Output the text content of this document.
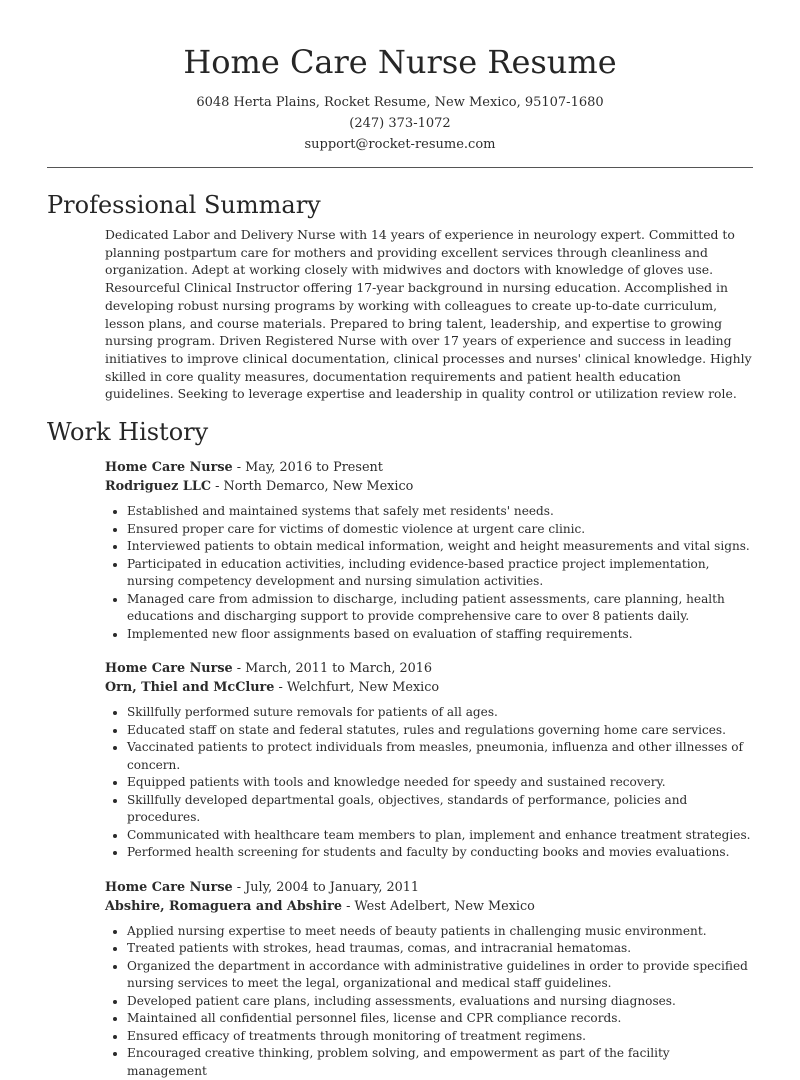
Home Care Nurse Resume
6048 Herta Plains, Rocket Resume, New Mexico, 95107-1680
(247) 373-1072
support@rocket-resume.com
Professional Summary
Dedicated Labor and Delivery Nurse with 14 years of experience in neurology expert. Committed to planning postpartum care for mothers and providing excellent services through cleanliness and organization. Adept at working closely with midwives and doctors with knowledge of gloves use. Resourceful Clinical Instructor offering 17-year background in nursing education. Accomplished in developing robust nursing programs by working with colleagues to create up-to-date curriculum, lesson plans, and course materials. Prepared to bring talent, leadership, and expertise to growing nursing program. Driven Registered Nurse with over 17 years of experience and success in leading initiatives to improve clinical documentation, clinical processes and nurses' clinical knowledge. Highly skilled in core quality measures, documentation requirements and patient health education guidelines. Seeking to leverage expertise and leadership in quality control or utilization review role.
Work History
Home Care Nurse - May, 2016 to Present
Rodriguez LLC - North Demarco, New Mexico
• Established and maintained systems that safely met residents' needs.
• Ensured proper care for victims of domestic violence at urgent care clinic.
• Interviewed patients to obtain medical information, weight and height measurements and vital signs.
• Participated in education activities, including evidence-based practice project implementation, nursing competency development and nursing simulation activities.
• Managed care from admission to discharge, including patient assessments, care planning, health educations and discharging support to provide comprehensive care to over 8 patients daily.
• Implemented new floor assignments based on evaluation of staffing requirements.
Home Care Nurse - March, 2011 to March, 2016
Orn, Thiel and McClure - Welchfurt, New Mexico
• Skillfully performed suture removals for patients of all ages.
• Educated staff on state and federal statutes, rules and regulations governing home care services.
• Vaccinated patients to protect individuals from measles, pneumonia, influenza and other illnesses of concern.
• Equipped patients with tools and knowledge needed for speedy and sustained recovery.
• Skillfully developed departmental goals, objectives, standards of performance, policies and procedures.
• Communicated with healthcare team members to plan, implement and enhance treatment strategies.
• Performed health screening for students and faculty by conducting books and movies evaluations.
Home Care Nurse - July, 2004 to January, 2011
Abshire, Romaguera and Abshire - West Adelbert, New Mexico
• Applied nursing expertise to meet needs of beauty patients in challenging music environment.
• Treated patients with strokes, head traumas, comas, and intracranial hematomas.
• Organized the department in accordance with administrative guidelines in order to provide specified nursing services to meet the legal, organizational and medical staff guidelines.
• Developed patient care plans, including assessments, evaluations and nursing diagnoses.
• Maintained all confidential personnel files, license and CPR compliance records.
• Ensured efficacy of treatments through monitoring of treatment regimens.
• Encouraged creative thinking, problem solving, and empowerment as part of the facility management
